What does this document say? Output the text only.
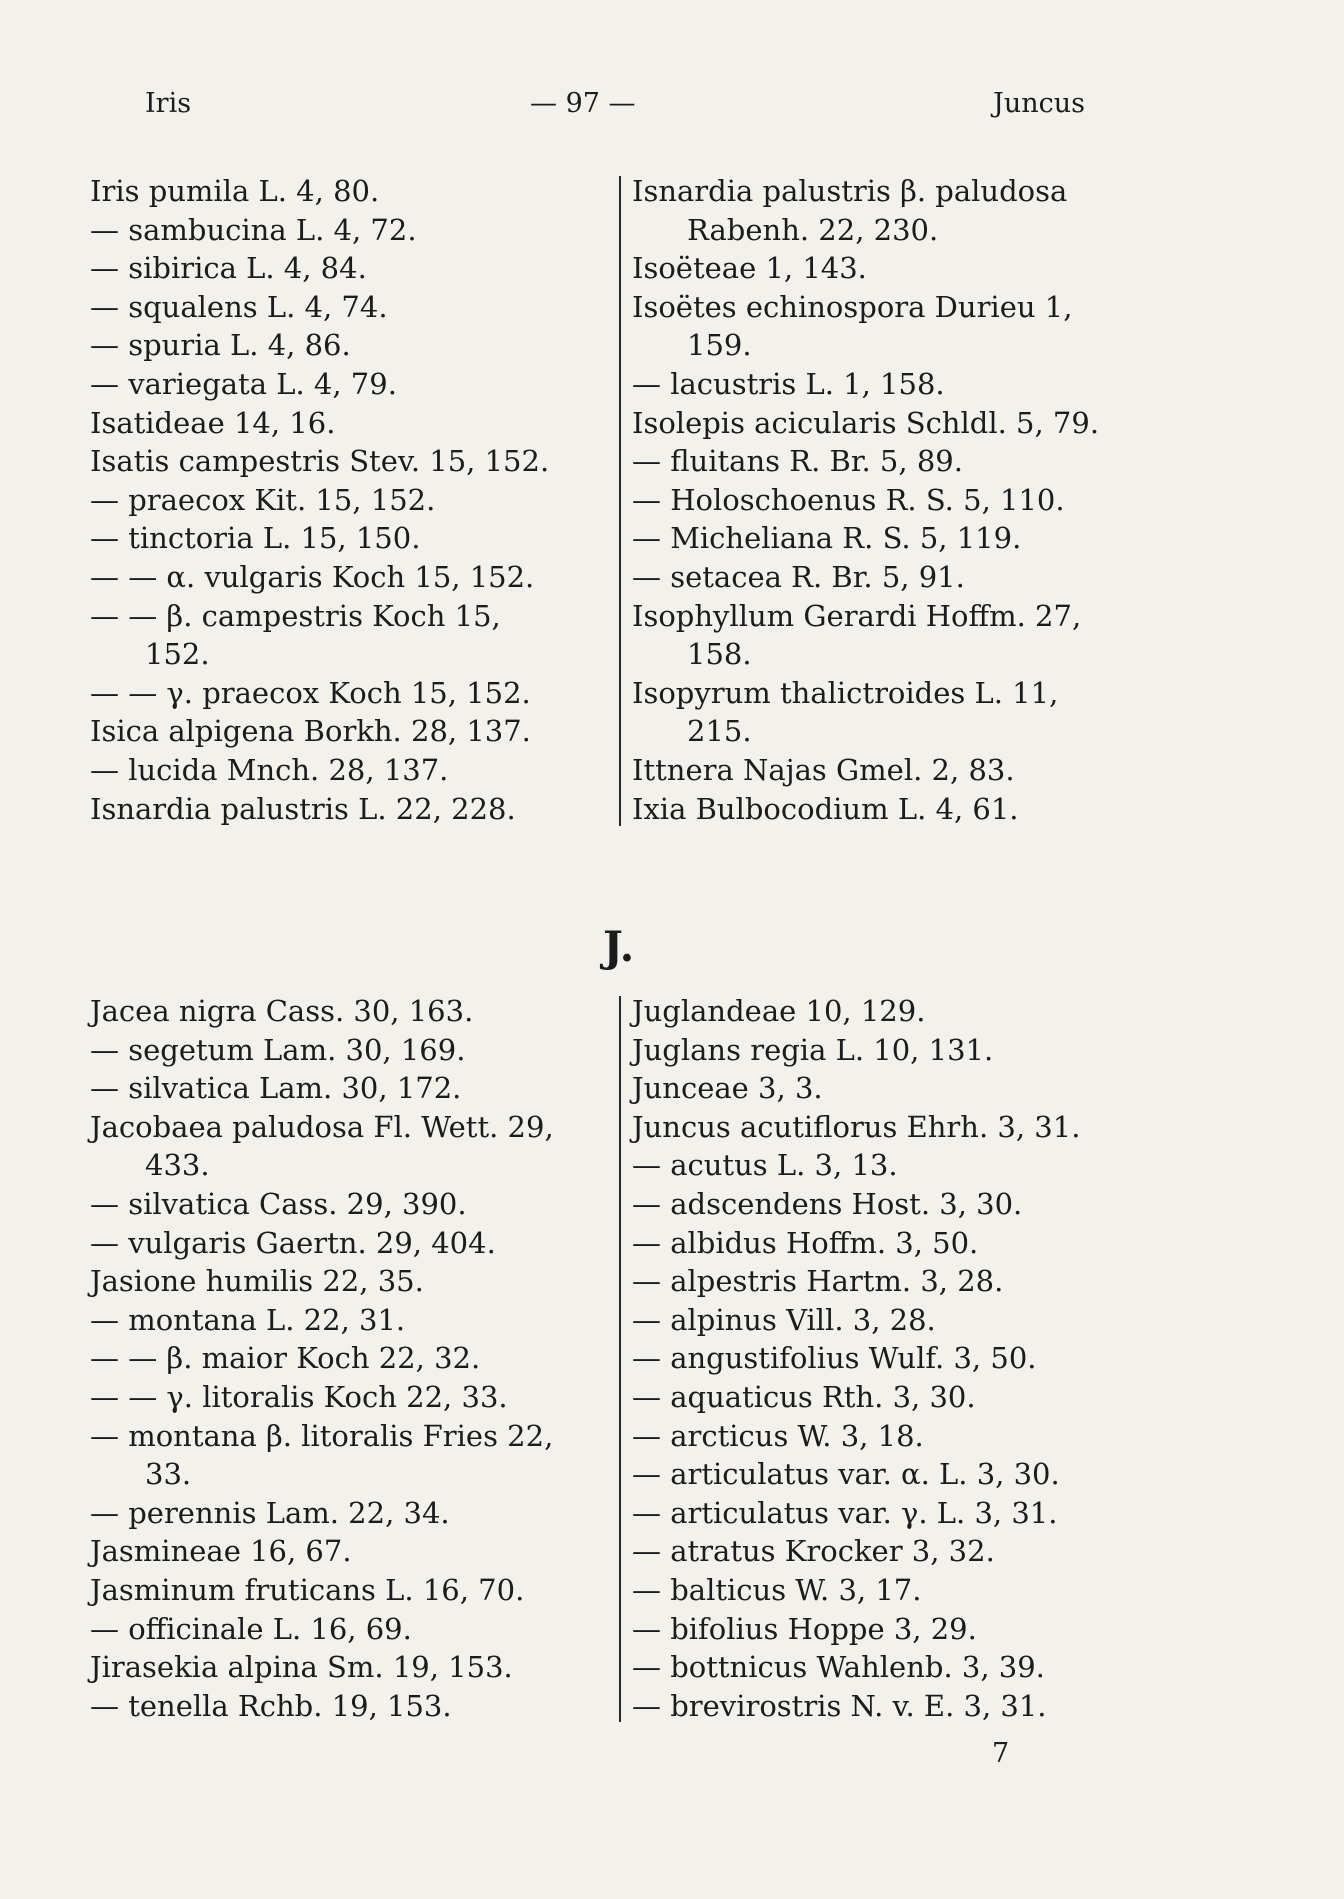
Iris	— 97 —	Juncus
Iris pumila L. 4, 80.
— sambucina L. 4, 72.
— sibirica L. 4, 84.
— squalens L. 4, 74.
— spuria L. 4, 86.
— variegata L. 4, 79.
Isatideae 14, 16.
Isatis campestris Stev. 15, 152.
— praecox Kit. 15, 152.
— tinctoria L. 15, 150.
— — α. vulgaris Koch 15, 152.
— — β. campestris Koch 15,
152.
— — γ. praecox Koch 15, 152.
Isica alpigena Borkh. 28, 137.
— lucida Mnch. 28, 137.
Isnardia palustris L. 22, 228.
Isnardia palustris β. paludosa
Rabenh. 22, 230.
Isoëteae 1, 143.
Isoëtes echinospora Durieu 1,
159.
— lacustris L. 1, 158.
Isolepis acicularis Schldl. 5, 79.
— fluitans R. Br. 5, 89.
— Holoschoenus R. S. 5, 110.
— Micheliana R. S. 5, 119.
— setacea R. Br. 5, 91.
Isophyllum Gerardi Hoffm. 27,
158.
Isopyrum thalictroides L. 11,
215.
Ittnera Najas Gmel. 2, 83.
Ixia Bulbocodium L. 4, 61.
J.
Jacea nigra Cass. 30, 163.
— segetum Lam. 30, 169.
— silvatica Lam. 30, 172.
Jacobaea paludosa Fl. Wett. 29,
433.
— silvatica Cass. 29, 390.
— vulgaris Gaertn. 29, 404.
Jasione humilis 22, 35.
— montana L. 22, 31.
— — β. maior Koch 22, 32.
— — γ. litoralis Koch 22, 33.
— montana β. litoralis Fries 22,
33.
— perennis Lam. 22, 34.
Jasmineae 16, 67.
Jasminum fruticans L. 16, 70.
— officinale L. 16, 69.
Jirasekia alpina Sm. 19, 153.
— tenella Rchb. 19, 153.
Juglandeae 10, 129.
Juglans regia L. 10, 131.
Junceae 3, 3.
Juncus acutiflorus Ehrh. 3, 31.
— acutus L. 3, 13.
— adscendens Host. 3, 30.
— albidus Hoffm. 3, 50.
— alpestris Hartm. 3, 28.
— alpinus Vill. 3, 28.
— angustifolius Wulf. 3, 50.
— aquaticus Rth. 3, 30.
— arcticus W. 3, 18.
— articulatus var. α. L. 3, 30.
— articulatus var. γ. L. 3, 31.
— atratus Krocker 3, 32.
— balticus W. 3, 17.
— bifolius Hoppe 3, 29.
— bottnicus Wahlenb. 3, 39.
— brevirostris N. v. E. 3, 31.
7
